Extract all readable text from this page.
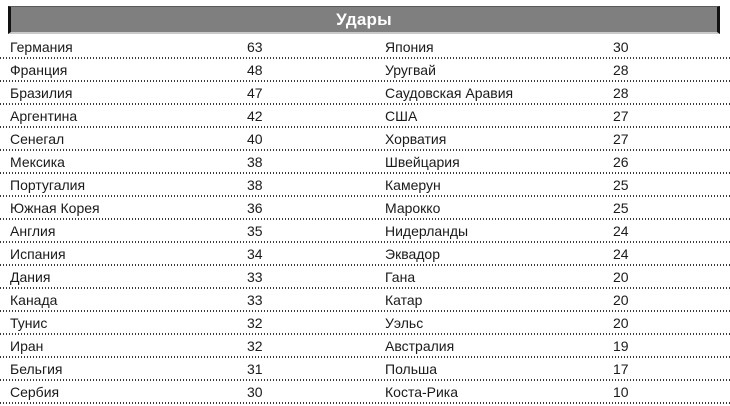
Удары
Германия	63	Япония	30
Франция	48	Уругвай	28
Бразилия	47	Саудовская Аравия	28
Аргентина	42	США	27
Сенегал	40	Хорватия	27
Мексика	38	Швейцария	26
Португалия	38	Камерун	25
Южная Корея	36	Марокко	25
Англия	35	Нидерланды	24
Испания	34	Эквадор	24
Дания	33	Гана	20
Канада	33	Катар	20
Тунис	32	Уэльс	20
Иран	32	Австралия	19
Бельгия	31	Польша	17
Сербия	30	Коста-Рика	10
